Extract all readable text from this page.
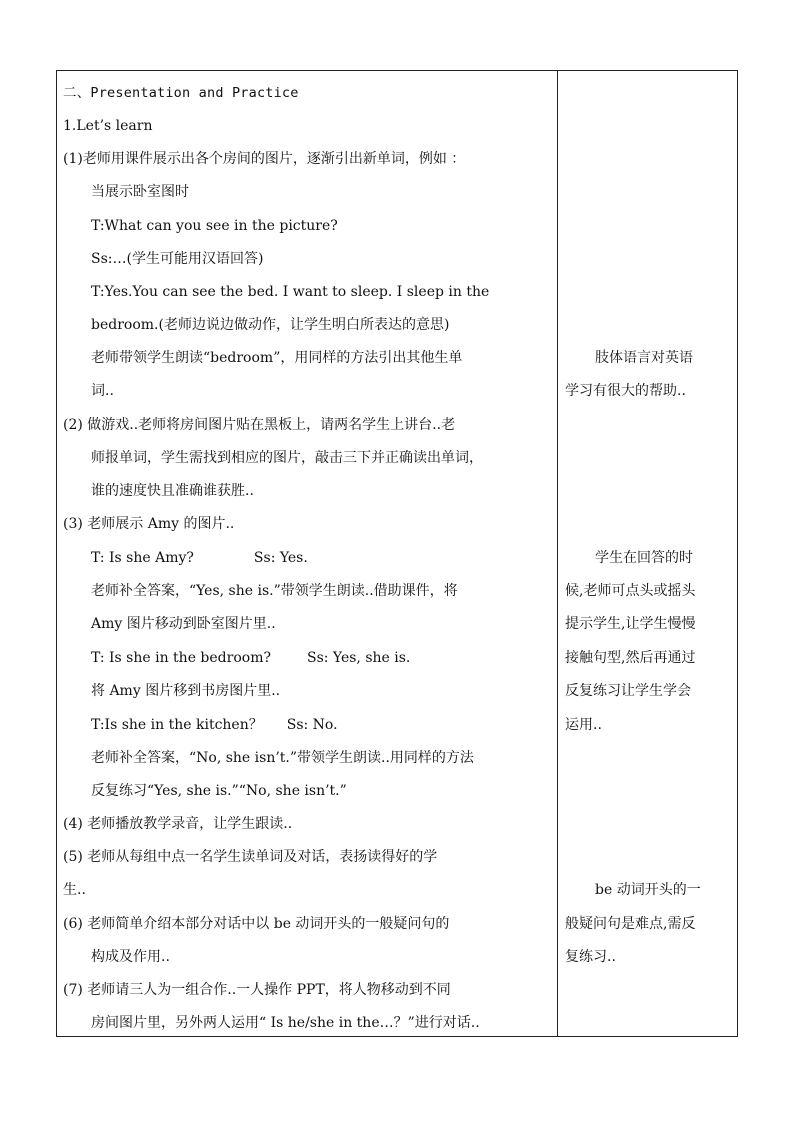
二、Presentation and Practice
1.Let’s learn
(1)老师用课件展示出各个房间的图片，逐渐引出新单词，例如 ：
当展示卧室图时
T:What can you see in the picture?
Ss:…(学生可能用汉语回答)
T:Yes.You can see the bed. I want to sleep. I sleep in the
bedroom.(老师边说边做动作，让学生明白所表达的意思)
老师带领学生朗读“bedroom”，用同样的方法引出其他生单
词..
(2) 做游戏..老师将房间图片贴在黑板上，请两名学生上讲台..老
师报单词，学生需找到相应的图片，敲击三下并正确读出单词，
谁的速度快且准确谁获胜..
(3) 老师展示 Amy 的图片..
T: Is she Amy?	Ss: Yes.
老师补全答案，“Yes, she is.”带领学生朗读..借助课件，将
Amy 图片移动到卧室图片里..
T: Is she in the bedroom?	Ss: Yes, she is.
将 Amy 图片移到书房图片里..
T:Is she in the kitchen？ Ss: No.
老师补全答案，“No, she isn’t.”带领学生朗读..用同样的方法
反复练习“Yes, she is.”“No, she isn’t.”
(4) 老师播放教学录音，让学生跟读..
(5) 老师从每组中点一名学生读单词及对话，表扬读得好的学
生..
(6) 老师简单介绍本部分对话中以 be 动词开头的一般疑问句的
构成及作用..
(7) 老师请三人为一组合作..一人操作 PPT，将人物移动到不同
房间图片里，另外两人运用“ Is he/she in the…？”进行对话..
肢体语言对英语
学习有很大的帮助..
学生在回答的时
候,老师可点头或摇头
提示学生,让学生慢慢
接触句型,然后再通过
反复练习让学生学会
运用..
be 动词开头的一
般疑问句是难点,需反
复练习..
